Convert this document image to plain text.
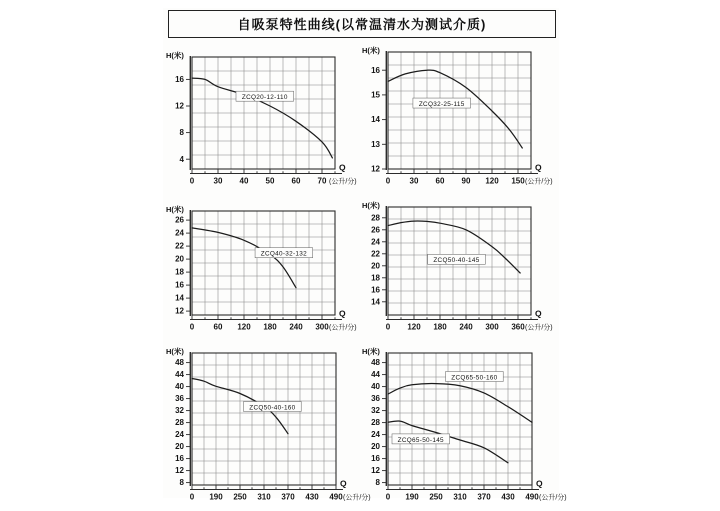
自吸泵特性曲线(以常温清水为测试介质)
H(米)
16
12
8
4
0 30 40 50 60 70 (公升/分)
Q
ZCQ20-12-110
H(米)
16
15
14
13
12
0 30 60 90 120 150 (公升/分)
Q
ZCQ32-25-115
H(米)
26
24
22
20
18
16
14
12
0 60 120 180 240 300 (公升/分)
Q
ZCQ40-32-132
H(米)
28
26
24
22
20
18
16
14
0 120 180 240 300 360 (公升/分)
Q
ZCQ50-40-145
H(米)
48
44
40
36
32
28
24
20
16
12
8
0 190 250 310 370 430 490 (公升/分)
Q
ZCQ50-40-160
H(米)
48
44
40
36
32
28
24
20
16
12
8
0 190 250 310 370 430 490 (公升/分)
Q
ZCQ65-50-160
ZCQ65-50-145
